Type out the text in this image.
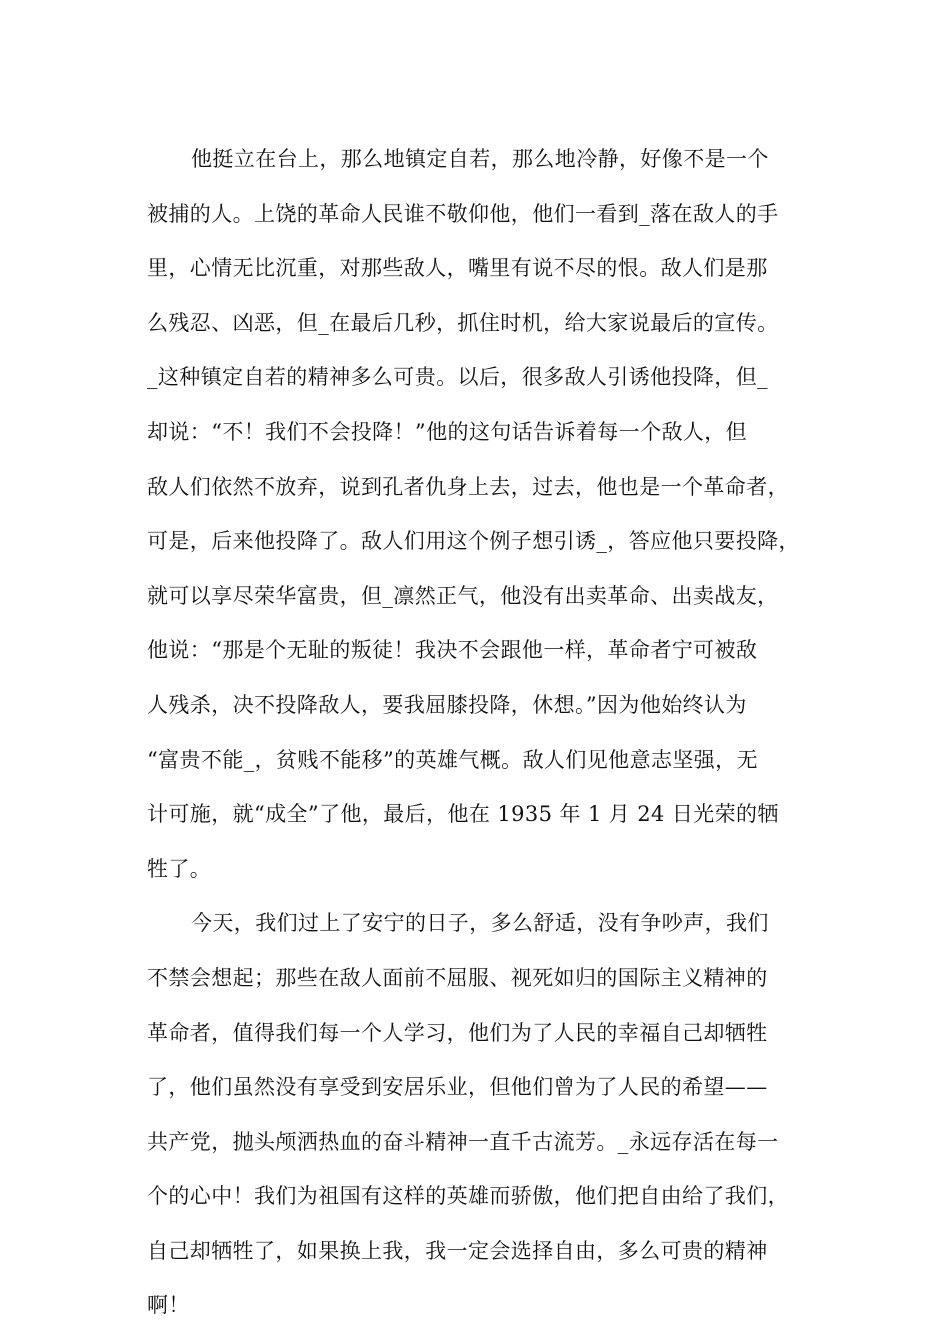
他挺立在台上，那么地镇定自若，那么地冷静，好像不是一个
被捕的人。上饶的革命人民谁不敬仰他，他们一看到_落在敌人的手
里，心情无比沉重，对那些敌人，嘴里有说不尽的恨。敌人们是那
么残忍、凶恶，但_在最后几秒，抓住时机，给大家说最后的宣传。
_这种镇定自若的精神多么可贵。以后，很多敌人引诱他投降，但_
却说：“不！我们不会投降！”他的这句话告诉着每一个敌人，但
敌人们依然不放弃，说到孔者仇身上去，过去，他也是一个革命者，
可是，后来他投降了。敌人们用这个例子想引诱_，答应他只要投降，
就可以享尽荣华富贵，但_凛然正气，他没有出卖革命、出卖战友，
他说：“那是个无耻的叛徒！我决不会跟他一样，革命者宁可被敌
人残杀，决不投降敌人，要我屈膝投降，休想。”因为他始终认为
“富贵不能_，贫贱不能移”的英雄气概。敌人们见他意志坚强，无
计可施，就“成全”了他，最后，他在 1935 年 1 月 24 日光荣的牺
牲了。
今天，我们过上了安宁的日子，多么舒适，没有争吵声，我们
不禁会想起；那些在敌人面前不屈服、视死如归的国际主义精神的
革命者，值得我们每一个人学习，他们为了人民的幸福自己却牺牲
了，他们虽然没有享受到安居乐业，但他们曾为了人民的希望——
共产党，抛头颅洒热血的奋斗精神一直千古流芳。_永远存活在每一
个的心中！我们为祖国有这样的英雄而骄傲，他们把自由给了我们，
自己却牺牲了，如果换上我，我一定会选择自由，多么可贵的精神
啊！
